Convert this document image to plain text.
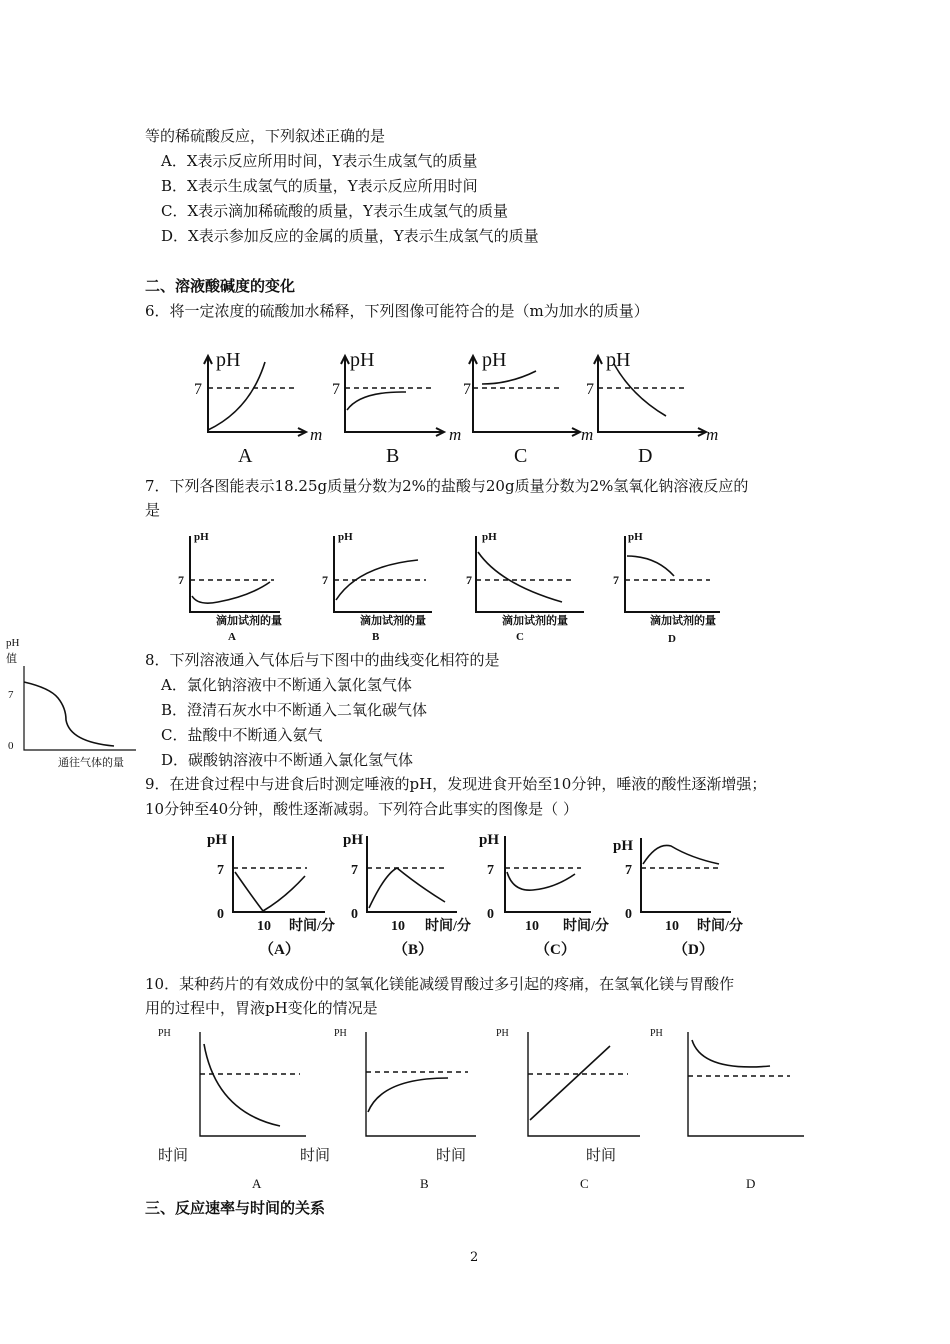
等的稀硫酸反应，下列叙述正确的是
A．X表示反应所用时间，Y表示生成氢气的质量
B．X表示生成氢气的质量，Y表示反应所用时间
C．X表示滴加稀硫酸的质量，Y表示生成氢气的质量
D．X表示参加反应的金属的质量，Y表示生成氢气的质量
二、溶液酸碱度的变化
6．将一定浓度的硫酸加水稀释，下列图像可能符合的是（m为加水的质量）
pH
7
m
A
pH
7
m
B
pH
7
m
C
pH
7
m
D
7．下列各图能表示18.25g质量分数为2%的盐酸与20g质量分数为2%氢氧化钠溶液反应的
是
pH
7
滴加试剂的量
A
pH
7
滴加试剂的量
B
pH
7
滴加试剂的量
C
pH
7
滴加试剂的量
D
pH
值
7
0
通往气体的量
8．下列溶液通入气体后与下图中的曲线变化相符的是
A．氯化钠溶液中不断通入氯化氢气体
B．澄清石灰水中不断通入二氧化碳气体
C．盐酸中不断通入氨气
D．碳酸钠溶液中不断通入氯化氢气体
9．在进食过程中与进食后时测定唾液的pH，发现进食开始至10分钟，唾液的酸性逐渐增强；
10分钟至40分钟，酸性逐渐减弱。下列符合此事实的图像是（ ）
pH
7
0
10 时间/分
（A）
pH
7
0
10 时间/分
（B）
pH
7
0
10 时间/分
（C）
pH
7
0
10 时间/分
（D）
10．某种药片的有效成份中的氢氧化镁能减缓胃酸过多引起的疼痛，在氢氧化镁与胃酸作
用的过程中，胃液pH变化的情况是
PH
时间
A
PH
时间
B
PH
时间
C
PH
时间
D
三、反应速率与时间的关系
2
